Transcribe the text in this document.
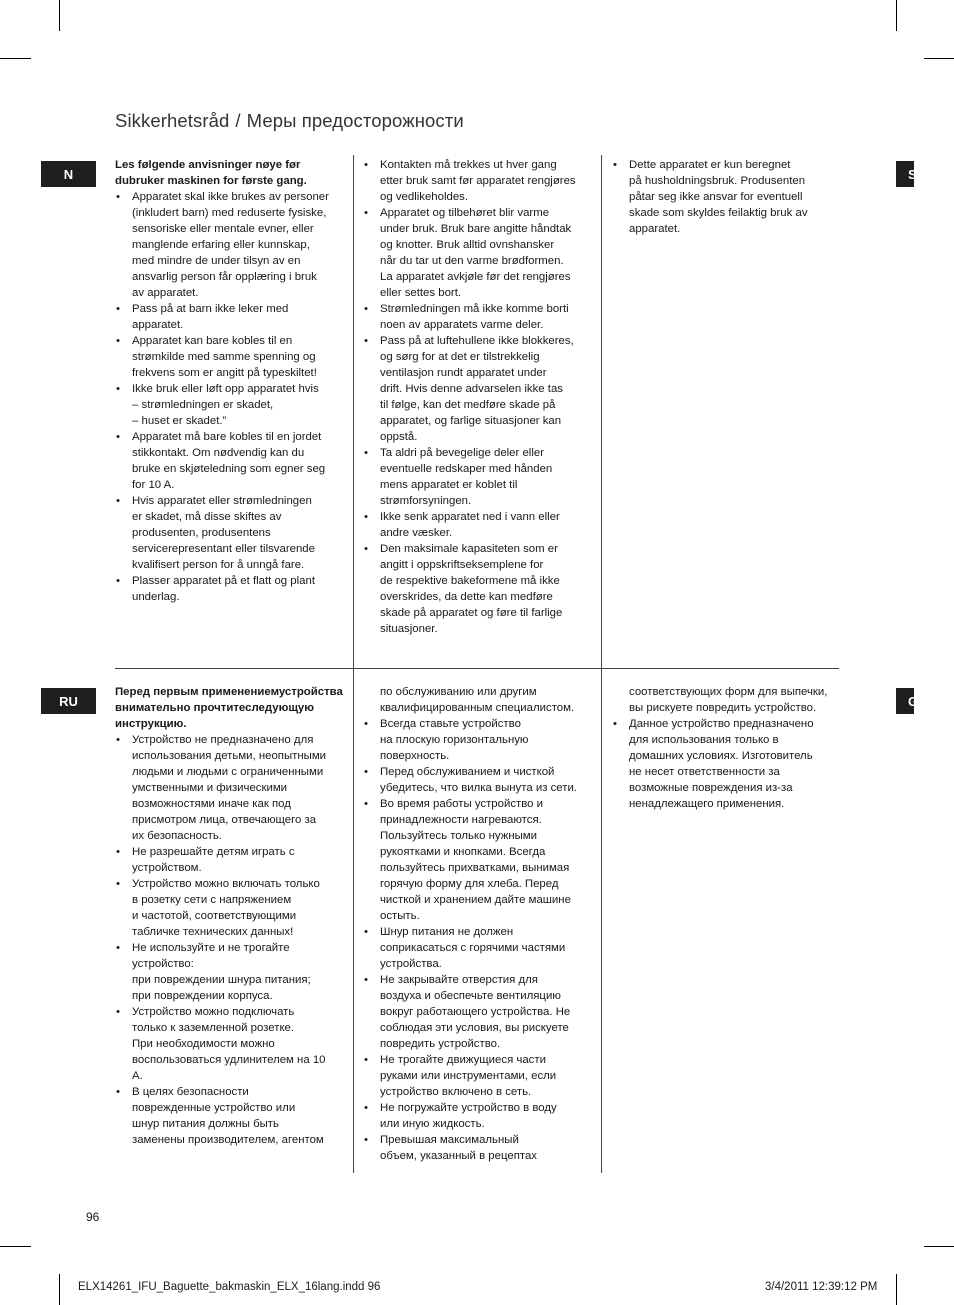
Sikkerhetsråd / Меры предосторожности
N	S
RU	G

Les følgende anvisninger nøye før dubruker maskinen for første gang.

• Apparatet skal ikke brukes av personer
(inkludert barn) med reduserte fysiske,
sensoriske eller mentale evner, eller
manglende erfaring eller kunnskap,
med mindre de under tilsyn av en
ansvarlig person får opplæring i bruk
av apparatet.
• Pass på at barn ikke leker med
apparatet.
• Apparatet kan bare kobles til en
strømkilde med samme spenning og
frekvens som er angitt på typeskiltet!
• Ikke bruk eller løft opp apparatet hvis
– strømledningen er skadet,
– huset er skadet.”
• Apparatet må bare kobles til en jordet
stikkontakt. Om nødvendig kan du
bruke en skjøteledning som egner seg
for 10 A.
• Hvis apparatet eller strømledningen
er skadet, må disse skiftes av
produsenten, produsentens
servicerepresentant eller tilsvarende
kvalifisert person for å unngå fare.
• Plasser apparatet på et flatt og plant
underlag.
• Kontakten må trekkes ut hver gang
etter bruk samt før apparatet rengjøres
og vedlikeholdes.
• Apparatet og tilbehøret blir varme
under bruk. Bruk bare angitte håndtak
og knotter. Bruk alltid ovnshansker
når du tar ut den varme brødformen.
La apparatet avkjøle før det rengjøres
eller settes bort.
• Strømledningen må ikke komme borti
noen av apparatets varme deler.
• Pass på at luftehullene ikke blokkeres,
og sørg for at det er tilstrekkelig
ventilasjon rundt apparatet under
drift. Hvis denne advarselen ikke tas
til følge, kan det medføre skade på
apparatet, og farlige situasjoner kan
oppstå.
• Ta aldri på bevegelige deler eller
eventuelle redskaper med hånden
mens apparatet er koblet til
strømforsyningen.
• Ikke senk apparatet ned i vann eller
andre væsker.
• Den maksimale kapasiteten som er
angitt i oppskriftseksemplene for
de respektive bakeformene må ikke
overskrides, da dette kan medføre
skade på apparatet og føre til farlige
situasjoner.
• Dette apparatet er kun beregnet
på husholdningsbruk. Produsenten
påtar seg ikke ansvar for eventuell
skade som skyldes feilaktig bruk av
apparatet.

Перед первым применениемустройства внимательно прочтитеследующую инструкцию.

• Устройство не предназначено для
использования детьми, неопытными
людьми и людьми с ограниченными
умственными и физическими
возможностями иначе как под
присмотром лица, отвечающего за
их безопасность.
• Не разрешайте детям играть с
устройством.
• Устройство можно включать только
в розетку сети с напряжением
и частотой, соответствующими
табличке технических данных!
• Не используйте и не трогайте
устройство:
при повреждении шнура питания;
при повреждении корпуса.
• Устройство можно подключать
только к заземленной розетке.
При необходимости можно
воспользоваться удлинителем на 10
А.
• В целях безопасности
поврежденные устройство или
шнур питания должны быть
заменены производителем, агентом
по обслуживанию или другим
квалифицированным специалистом.
• Всегда ставьте устройство
на плоскую горизонтальную
поверхность.
• Перед обслуживанием и чисткой
убедитесь, что вилка вынута из сети.
• Во время работы устройство и
принадлежности нагреваются.
Пользуйтесь только нужными
рукоятками и кнопками. Всегда
пользуйтесь прихватками, вынимая
горячую форму для хлеба. Перед
чисткой и хранением дайте машине
остыть.
• Шнур питания не должен
соприкасаться с горячими частями
устройства.
• Не закрывайте отверстия для
воздуха и обеспечьте вентиляцию
вокруг работающего устройства. Не
соблюдая эти условия, вы рискуете
повредить устройство.
• Не трогайте движущиеся части
руками или инструментами, если
устройство включено в сеть.
• Не погружайте устройство в воду
или иную жидкость.
• Превышая максимальный
объем, указанный в рецептах
соответствующих форм для выпечки,
вы рискуете повредить устройство.
• Данное устройство предназначено
для использования только в
домашних условиях. Изготовитель
не несет ответственности за
возможные повреждения из-за
ненадлежащего применения.
96
ELX14261_IFU_Baguette_bakmaskin_ELX_16lang.indd 96	3/4/2011 12:39:12 PM
